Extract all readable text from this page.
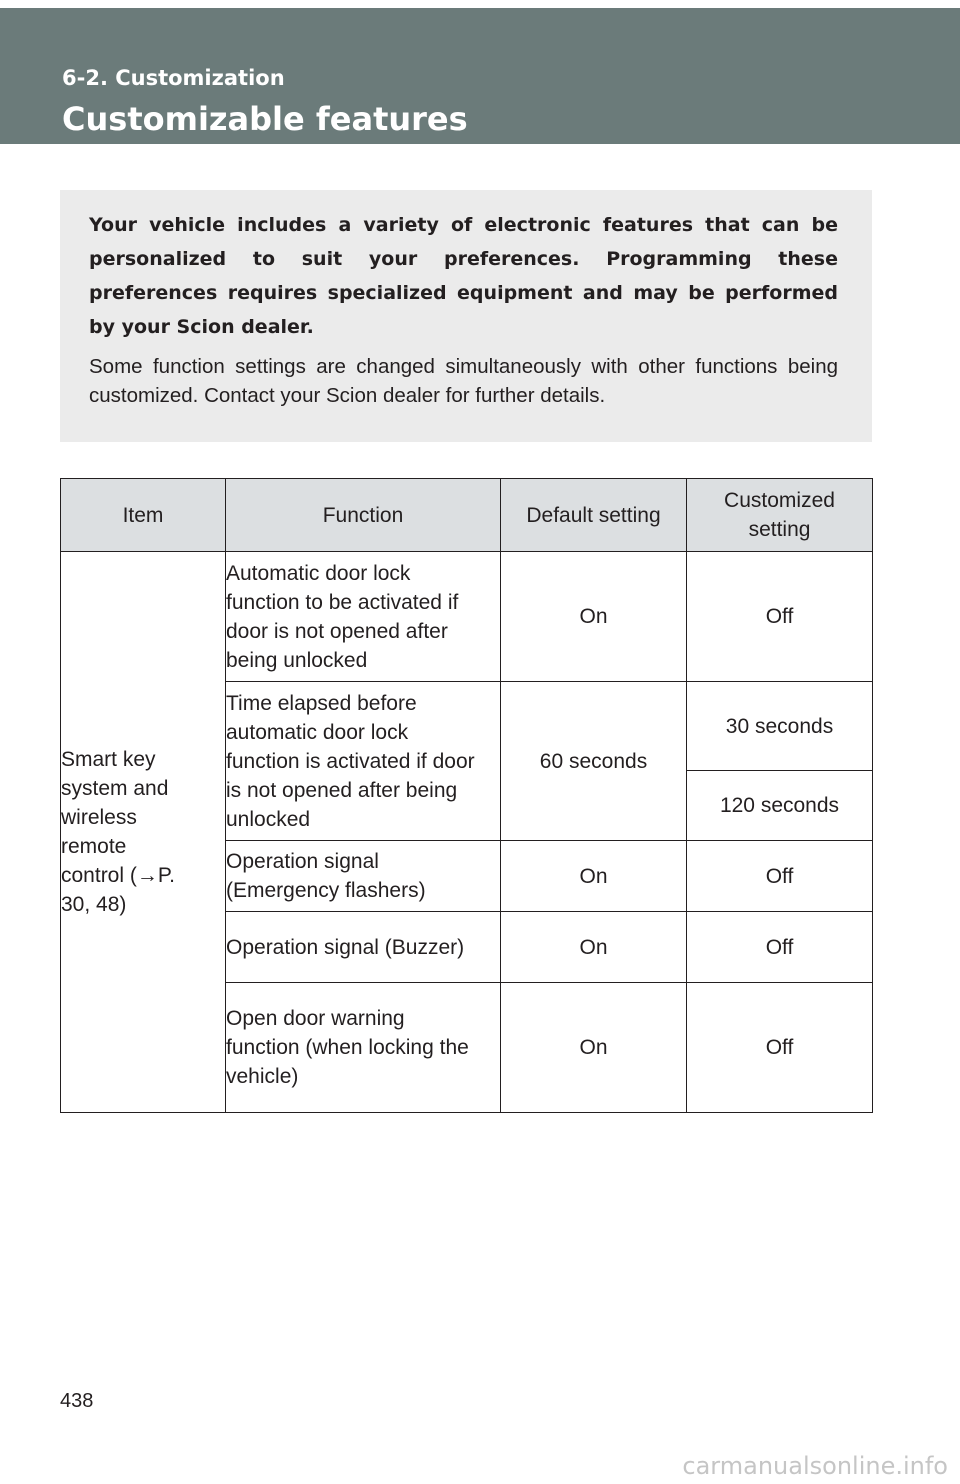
6-2. Customization
Customizable features

Your vehicle includes a variety of electronic features that can be personalized to suit your preferences. Programming these preferences requires specialized equipment and may be performed by your Scion dealer.

Some function settings are changed simultaneously with other functions being customized. Contact your Scion dealer for further details.

Item	Function	Default setting	Customized setting

Smart key system and wireless remote control (→P. 30, 48)	Automatic door lock function to be activated if door is not opened after being unlocked	On	Off

	Time elapsed before automatic door lock function is activated if door is not opened after being unlocked	60 seconds	30 seconds
			120 seconds

	Operation signal (Emergency flashers)	On	Off

	Operation signal (Buzzer)	On	Off

	Open door warning function (when locking the vehicle)	On	Off
438
carmanualsonline.info
